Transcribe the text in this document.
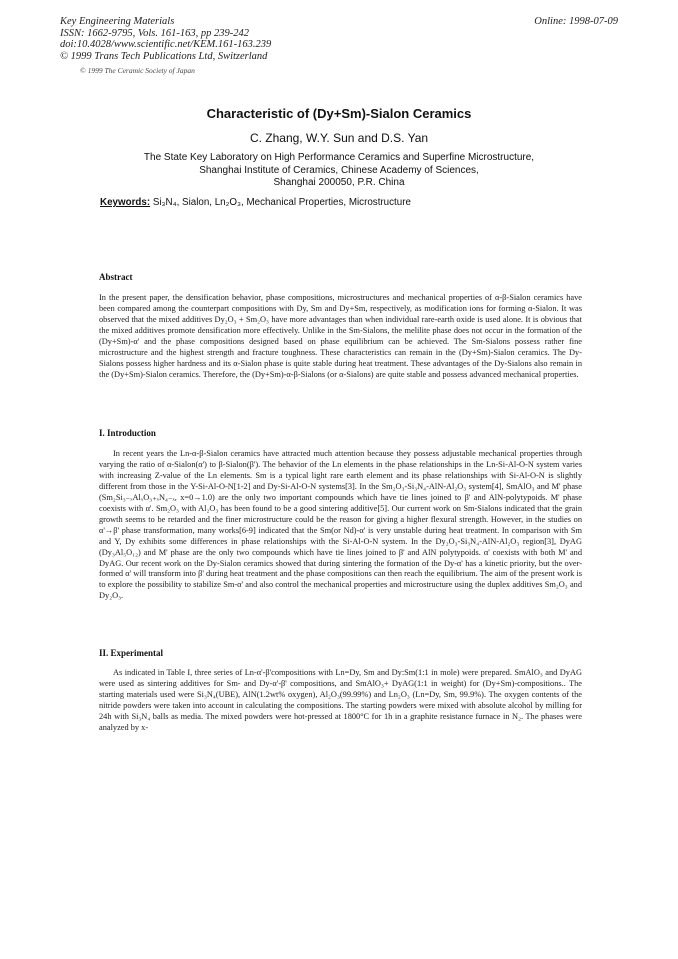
Key Engineering Materials
ISSN: 1662-9795, Vols. 161-163, pp 239-242
doi:10.4028/www.scientific.net/KEM.161-163.239
© 1999 Trans Tech Publications Ltd, Switzerland
Online: 1998-07-09
© 1999 The Ceramic Society of Japan
Characteristic of (Dy+Sm)-Sialon Ceramics
C. Zhang, W.Y. Sun and D.S. Yan
The State Key Laboratory on High Performance Ceramics and Superfine Microstructure,
Shanghai Institute of Ceramics, Chinese Academy of Sciences,
Shanghai 200050, P.R. China
Keywords: Si₃N₄, Sialon, Ln₂O₃, Mechanical Properties, Microstructure
Abstract
In the present paper, the densification behavior, phase compositions, microstructures and mechanical properties of α-β-Sialon ceramics have been compared among the counterpart compositions with Dy, Sm and Dy+Sm, respectively, as modification ions for forming α-Sialon. It was observed that the mixed additives Dy₂O₃ + Sm₂O₃ have more advantages than when individual rare-earth oxide is used alone. It is obvious that the mixed additives promote densification more effectively. Unlike in the Sm-Sialons, the melilite phase does not occur in the formation of the (Dy+Sm)-α' and the phase compositions designed based on phase equilibrium can be achieved. The Sm-Sialons possess rather fine microstructure and the highest strength and fracture toughness. These characteristics can remain in the (Dy+Sm)-Sialon ceramics. The Dy-Sialons possess higher hardness and its α-Sialon phase is quite stable during heat treatment. These advantages of the Dy-Sialons also remain in the (Dy+Sm)-Sialon ceramics. Therefore, the (Dy+Sm)-α-β-Sialons (or α-Sialons) are quite stable and possess advanced mechanical properties.
I. Introduction
In recent years the Ln-α-β-Sialon ceramics have attracted much attention because they possess adjustable mechanical properties through varying the ratio of α-Sialon(α') to β-Sialon(β'). The behavior of the Ln elements in the phase relationships in the Ln-Si-Al-O-N system varies with increasing Z-value of the Ln elements. Sm is a typical light rare earth element and its phase relationships with Si-Al-O-N is slightly different from those in the Y-Si-Al-O-N[1-2] and Dy-Si-Al-O-N systems[3]. In the Sm₂O₃-Si₃N₄-AlN-Al₂O₃ system[4], SmAlO₃ and M' phase (Sm₂Si₃₋ₓAlₓO₃₊ₓN₄₋ₓ, x=0→1.0) are the only two important compounds which have tie lines joined to β' and AlN-polytypoids. M' phase coexists with α'. Sm₂O₃ with Al₂O₃ has been found to be a good sintering additive[5]. Our current work on Sm-Sialons indicated that the grain growth seems to be retarded and the finer microstructure could be the reason for giving a higher flexural strength. However, in the studies on α'→β' phase transformation, many works[6-9] indicated that the Sm(or Nd)-α' is very unstable during heat treatment. In comparison with Sm and Y, Dy exhibits some differences in phase relationships with the Si-Al-O-N system. In the Dy₂O₃-Si₃N₄-AlN-Al₂O₃ region[3], DyAG (Dy₃Al₅O₁₂) and M' phase are the only two compounds which have tie lines joined to β' and AlN polytypoids. α' coexists with both M' and DyAG. Our recent work on the Dy-Sialon ceramics showed that during sintering the formation of the Dy-α' has a kinetic priority, but the over-formed α' will transform into β' during heat treatment and the phase compositions can then reach the equilibrium. The aim of the present work is to explore the possibility to stabilize Sm-α' and also control the mechanical properties and microstructure using the duplex additives Sm₂O₃ and Dy₂O₃.
II. Experimental
As indicated in Table I, three series of Ln-α'-β'compositions with Ln=Dy, Sm and Dy:Sm(1:1 in mole) were prepared. SmAlO₃ and DyAG were used as sintering additives for Sm- and Dy-α'-β' compositions, and SmAlO₃+ DyAG(1:1 in weight) for (Dy+Sm)-compositions.. The starting materials used were Si₃N₄(UBE), AlN(1.2wt% oxygen), Al₂O₃(99.99%) and Ln₂O₃ (Ln=Dy, Sm, 99.9%). The oxygen contents of the nitride powders were taken into account in calculating the compositions. The starting powders were mixed with absolute alcohol by milling for 24h with Si₃N₄ balls as media. The mixed powders were hot-pressed at 1800°C for 1h in a graphite resistance furnace in N₂. The phases were analyzed by x-
